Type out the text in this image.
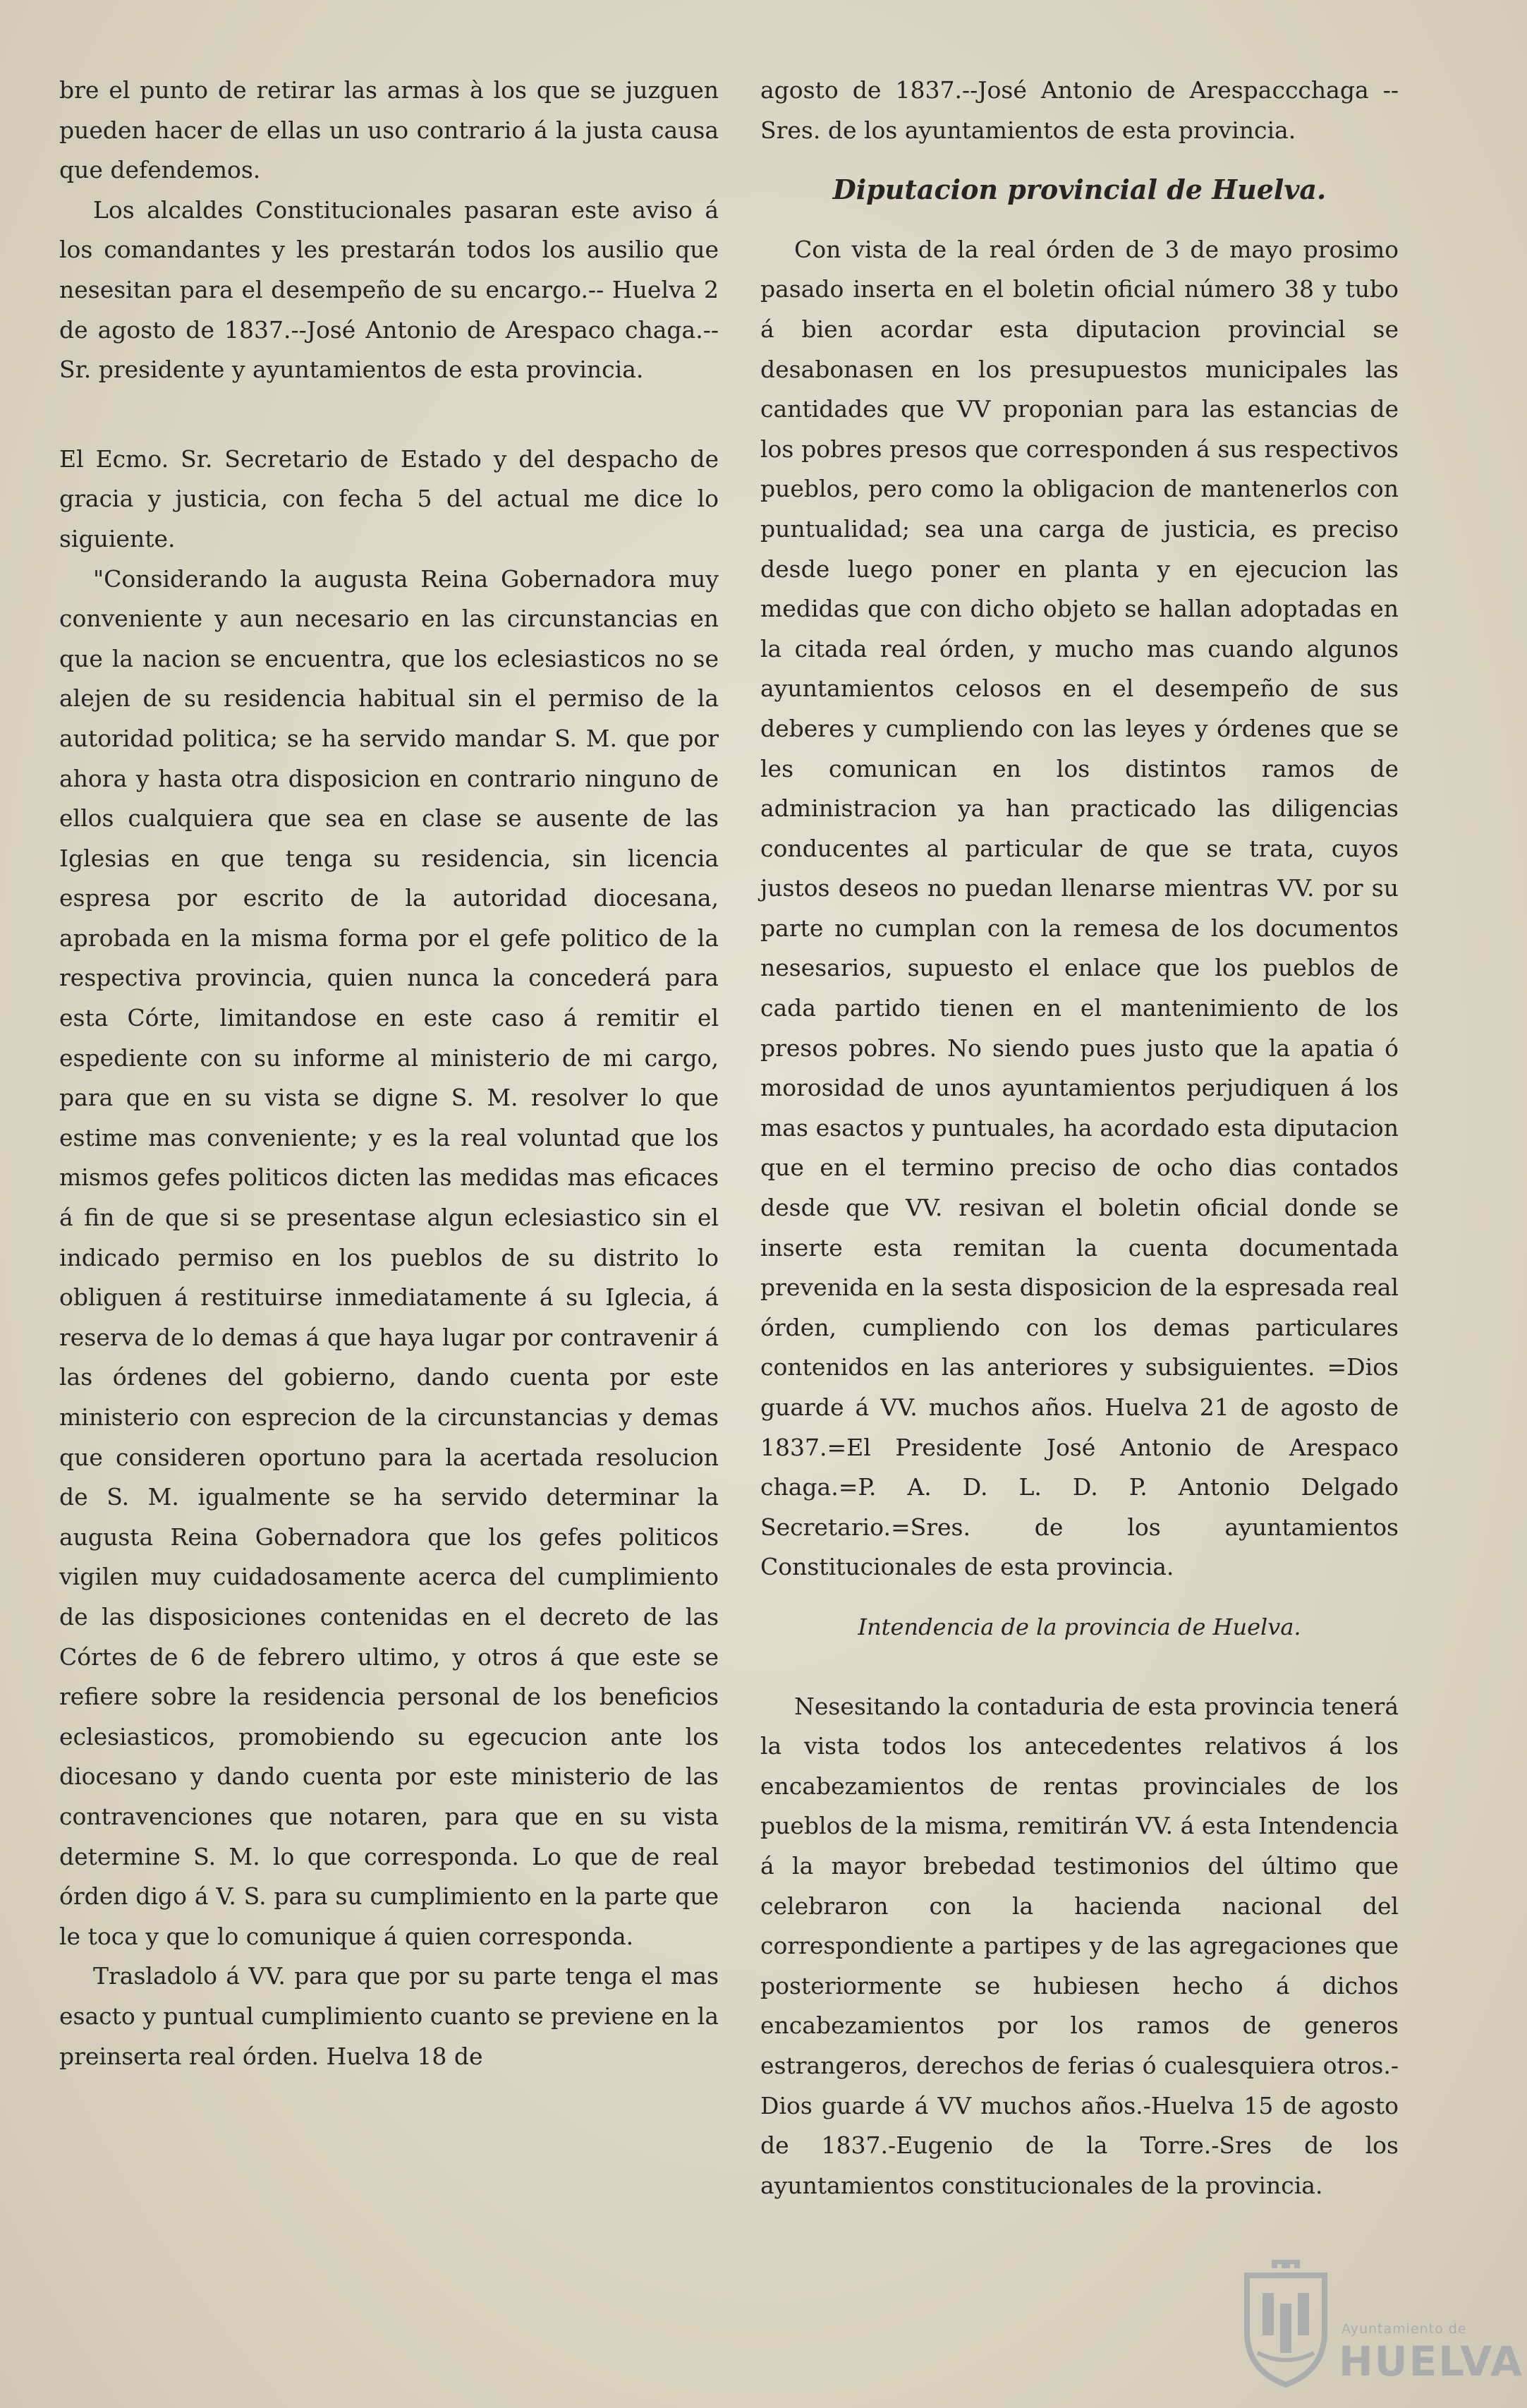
bre el punto de retirar las armas à los que se juzguen pueden hacer de ellas un uso contrario á la justa causa que defendemos.

Los alcaldes Constitucionales pasaran este aviso á los comandantes y les prestarán todos los ausilio que nesesitan para el desempeño de su encargo.-- Huelva 2 de agosto de 1837.--José Antonio de Arespaco chaga.--Sr. presidente y ayuntamientos de esta provincia.

El Ecmo. Sr. Secretario de Estado y del despacho de gracia y justicia, con fecha 5 del actual me dice lo siguiente.

"Considerando la augusta Reina Gobernadora muy conveniente y aun necesario en las circunstancias en que la nacion se encuentra, que los eclesiasticos no se alejen de su residencia habitual sin el permiso de la autoridad politica; se ha servido mandar S. M. que por ahora y hasta otra disposicion en contrario ninguno de ellos cualquiera que sea en clase se ausente de las Iglesias en que tenga su residencia, sin licencia espresa por escrito de la autoridad diocesana, aprobada en la misma forma por el gefe politico de la respectiva provincia, quien nunca la concederá para esta Córte, limitandose en este caso á remitir el espediente con su informe al ministerio de mi cargo, para que en su vista se digne S. M. resolver lo que estime mas conveniente; y es la real voluntad que los mismos gefes politicos dicten las medidas mas eficaces á fin de que si se presentase algun eclesiastico sin el indicado permiso en los pueblos de su distrito lo obliguen á restituirse inmediatamente á su Iglecia, á reserva de lo demas á que haya lugar por contravenir á las órdenes del gobierno, dando cuenta por este ministerio con espreсion de la circunstancias y demas que consideren oportuno para la acertada resolucion de S. M. igualmente se ha servido determinar la augusta Reina Gobernadora que los gefes politicos vigilen muy cuidadosamente acerca del cumplimiento de las disposiciones contenidas en el decreto de las Córtes de 6 de febrero ultimo, y otros á que este se refiere sobre la residencia personal de los beneficios eclesiasticos, promobiendo su egecucion ante los diocesano y dando cuenta por este ministerio de las contravenciones que notaren, para que en su vista determine S. M. lo que corresponda. Lo que de real órden digo á V. S. para su cumplimiento en la parte que le toca y que lo comunique á quien corresponda.

Trasladolo á VV. para que por su parte tenga el mas esacto y puntual cumplimiento cuanto se previene en la preinserta real órden. Huelva 18 de

agosto de 1837.--José Antonio de Arespaccchaga --Sres. de los ayuntamientos de esta provincia.

Diputacion provincial de Huelva.

Con vista de la real órden de 3 de mayo prosimo pasado inserta en el boletin oficial número 38 y tubo á bien acordar esta diputacion provincial se desabonasen en los presupuestos municipales las cantidades que VV proponian para las estancias de los pobres presos que corresponden á sus respectivos pueblos, pero como la obligacion de mantenerlos con puntualidad; sea una carga de justicia, es preciso desde luego poner en planta y en ejecucion las medidas que con dicho objeto se hallan adoptadas en la citada real órden, y mucho mas cuando algunos ayuntamientos celosos en el desempeño de sus deberes y cumpliendo con las leyes y órdenes que se les comunican en los distintos ramos de administracion ya han practicado las diligencias conducentes al particular de que se trata, cuyos justos deseos no puedan llenarse mientras VV. por su parte no cumplan con la remesa de los documentos nesesarios, supuesto el enlace que los pueblos de cada partido tienen en el mantenimiento de los presos pobres. No siendo pues justo que la apatia ó morosidad de unos ayuntamientos perjudiquen á los mas esactos y puntuales, ha acordado esta diputacion que en el termino preciso de ocho dias contados desde que VV. resivan el boletin oficial donde se inserte esta remitan la cuenta documentada prevenida en la sesta disposicion de la espresada real órden, cumpliendo con los demas particulares contenidos en las anteriores y subsiguientes. =Dios guarde á VV. muchos años. Huelva 21 de agosto de 1837.=El Presidente José Antonio de Arespaco chaga.=P. A. D. L. D. P. Antonio Delgado Secretario.=Sres. de los ayuntamientos Constitucionales de esta provincia.

Intendencia de la provincia de Huelva.

Nesesitando la contaduria de esta provincia tenerá la vista todos los antecedentes relativos á los encabezamientos de rentas provinciales de los pueblos de la misma, remitirán VV. á esta Intendencia á la mayor brebedad testimonios del último que celebraron con la hacienda nacional del correspondiente a partipes y de las agregaciones que posteriormente se hubiesen hecho á dichos encabezamientos por los ramos de generos estrangeros, derechos de ferias ó cualesquiera otros.-Dios guarde á VV muchos años.-Huelva 15 de agosto de 1837.-Eugenio de la Torre.-Sres de los ayuntamientos constitucionales de la provincia.

Ayuntamiento de
HUELVA
